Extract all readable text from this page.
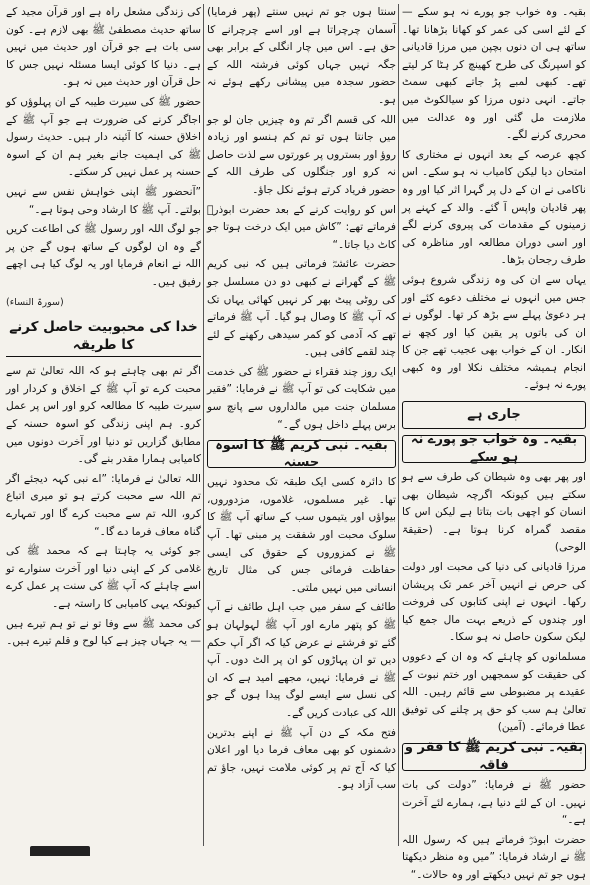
بقیہ۔ وہ خواب جو پورے نہ ہو سکے — کے لئے اسی کی عمر کو کھانا بڑھانا تھا۔ ساتھ ہی ان دنوں بچپن میں مرزا قادیانی کو اسپرنگ کی طرح کھینچ کر ہٹا کر لیتے تھے۔ کبھی لمبے پڑ جاتے کبھی سمٹ جاتے۔ انہی دنوں مرزا کو سیالکوٹ میں ملازمت مل گئی اور وہ عدالت میں محرری کرنے لگے۔

کچھ عرصہ کے بعد انہوں نے مختاری کا امتحان دیا لیکن کامیاب نہ ہو سکے۔ اس ناکامی نے ان کے دل پر گہرا اثر کیا اور وہ پھر قادیان واپس آ گئے۔ والد کے کہنے پر زمینوں کے مقدمات کی پیروی کرنے لگے اور اسی دوران مطالعہ اور مناظرہ کی طرف رجحان بڑھا۔

یہاں سے ان کی وہ زندگی شروع ہوئی جس میں انہوں نے مختلف دعوے کئے اور ہر دعویٰ پہلے سے بڑھ کر تھا۔ لوگوں نے ان کی باتوں پر یقین کیا اور کچھ نے انکار۔ ان کے خواب بھی عجیب تھے جن کا انجام ہمیشہ مختلف نکلا اور وہ کبھی پورے نہ ہوئے۔

جاری ہے
بقیہ۔ وہ خواب جو پورے نہ ہو سکے

اور پھر بھی وہ شیطان کی طرف سے ہو سکتے ہیں کیونکہ اگرچہ شیطان بھی انسان کو اچھی بات بتاتا ہے لیکن اس کا مقصد گمراہ کرنا ہوتا ہے۔ (حقیقۃ الوحی)

مرزا قادیانی کی دنیا کی محبت اور دولت کی حرص نے انہیں آخر عمر تک پریشان رکھا۔ انہوں نے اپنی کتابوں کی فروخت اور چندوں کے ذریعے بہت مال جمع کیا لیکن سکون حاصل نہ ہو سکا۔

مسلمانوں کو چاہئے کہ وہ ان کے دعووں کی حقیقت کو سمجھیں اور ختم نبوت کے عقیدے پر مضبوطی سے قائم رہیں۔ اللہ تعالیٰ ہم سب کو حق پر چلنے کی توفیق عطا فرمائے۔ (آمین)

بقیہ۔ نبی کریم ﷺ کا فقر و فاقہ

حضور ﷺ نے فرمایا: ”دولت کی بات نہیں۔ ان کے لئے دنیا ہے، ہمارے لئے آخرت ہے۔“

حضرت ابوذرؓ فرماتے ہیں کہ رسول اللہ ﷺ نے ارشاد فرمایا: ”میں وہ منظر دیکھتا ہوں جو تم نہیں دیکھتے اور وہ حالات۔“

سنتا ہوں جو تم نہیں سنتے (پھر فرمایا) آسمان چرچراتا ہے اور اسے چرچرانے کا حق ہے۔ اس میں چار انگلی کے برابر بھی جگہ نہیں جہاں کوئی فرشتہ اللہ کے حضور سجدہ میں پیشانی رکھے ہوئے نہ ہو۔

اللہ کی قسم اگر تم وہ چیزیں جان لو جو میں جانتا ہوں تو تم کم ہنسو اور زیادہ روؤ اور بستروں پر عورتوں سے لذت حاصل نہ کرو اور جنگلوں کی طرف اللہ کے حضور فریاد کرتے ہوئے نکل جاؤ۔

اس کو روایت کرنے کے بعد حضرت ابوذرؓ فرماتے تھے: ”کاش میں ایک درخت ہوتا جو کاٹ دیا جاتا۔“

حضرت عائشہؓ فرماتی ہیں کہ نبی کریم ﷺ کے گھرانے نے کبھی دو دن مسلسل جو کی روٹی پیٹ بھر کر نہیں کھائی یہاں تک کہ آپ ﷺ کا وصال ہو گیا۔ آپ ﷺ فرماتے تھے کہ آدمی کو کمر سیدھی رکھنے کے لئے چند لقمے کافی ہیں۔

ایک روز چند فقراء نے حضور ﷺ کی خدمت میں شکایت کی تو آپ ﷺ نے فرمایا: ”فقیر مسلمان جنت میں مالداروں سے پانچ سو برس پہلے داخل ہوں گے۔“

بقیہ۔ نبی کریم ﷺ کا اسوہ حسنہ

کا دائرہ کسی ایک طبقہ تک محدود نہیں تھا۔ غیر مسلموں، غلاموں، مزدوروں، بیواؤں اور یتیموں سب کے ساتھ آپ ﷺ کا سلوک محبت اور شفقت پر مبنی تھا۔ آپ ﷺ نے کمزوروں کے حقوق کی ایسی حفاظت فرمائی جس کی مثال تاریخ انسانی میں نہیں ملتی۔

طائف کے سفر میں جب اہل طائف نے آپ ﷺ کو پتھر مارے اور آپ ﷺ لہولہان ہو گئے تو فرشتے نے عرض کیا کہ اگر آپ حکم دیں تو ان پہاڑوں کو ان پر الٹ دوں۔ آپ ﷺ نے فرمایا: نہیں، مجھے امید ہے کہ ان کی نسل سے ایسے لوگ پیدا ہوں گے جو اللہ کی عبادت کریں گے۔

فتح مکہ کے دن آپ ﷺ نے اپنے بدترین دشمنوں کو بھی معاف فرما دیا اور اعلان کیا کہ آج تم پر کوئی ملامت نہیں، جاؤ تم سب آزاد ہو۔

کی زندگی مشعل راہ ہے اور قرآن مجید کے ساتھ حدیث مصطفیٰ ﷺ بھی لازم ہے۔ کون سی بات ہے جو قرآن اور حدیث میں نہیں ہے۔ دنیا کا کوئی ایسا مسئلہ نہیں جس کا حل قرآن اور حدیث میں نہ ہو۔

حضور ﷺ کی سیرت طیبہ کے ان پہلوؤں کو اجاگر کرنے کی ضرورت ہے جو آپ ﷺ کے اخلاق حسنہ کا آئینہ دار ہیں۔ حدیث رسول ﷺ کی اہمیت جانے بغیر ہم ان کے اسوہ حسنہ پر عمل نہیں کر سکتے۔

”آنحضور ﷺ اپنی خواہش نفس سے نہیں بولتے۔ آپ ﷺ کا ارشاد وحی ہوتا ہے۔“

جو لوگ اللہ اور رسول ﷺ کی اطاعت کریں گے وہ ان لوگوں کے ساتھ ہوں گے جن پر اللہ نے انعام فرمایا اور یہ لوگ کیا ہی اچھے رفیق ہیں۔

(سورۃ النساء)
خدا کی محبوبیت حاصل کرنے کا طریقہ

اگر تم بھی چاہتے ہو کہ اللہ تعالیٰ تم سے محبت کرے تو آپ ﷺ کے اخلاق و کردار اور سیرت طیبہ کا مطالعہ کرو اور اس پر عمل کرو۔ ہم اپنی زندگی کو اسوہ حسنہ کے مطابق گزاریں تو دنیا اور آخرت دونوں میں کامیابی ہمارا مقدر بنے گی۔

اللہ تعالیٰ نے فرمایا: ”اے نبی کہہ دیجئے اگر تم اللہ سے محبت کرتے ہو تو میری اتباع کرو، اللہ تم سے محبت کرے گا اور تمہارے گناہ معاف فرما دے گا۔“

جو کوئی یہ چاہتا ہے کہ محمد ﷺ کی غلامی کر کے اپنی دنیا اور آخرت سنوارے تو اسے چاہئے کہ آپ ﷺ کی سنت پر عمل کرے کیونکہ یہی کامیابی کا راستہ ہے۔

کی محمد ﷺ سے وفا تو نے تو ہم تیرے ہیں — یہ جہاں چیز ہے کیا لوح و قلم تیرے ہیں۔
